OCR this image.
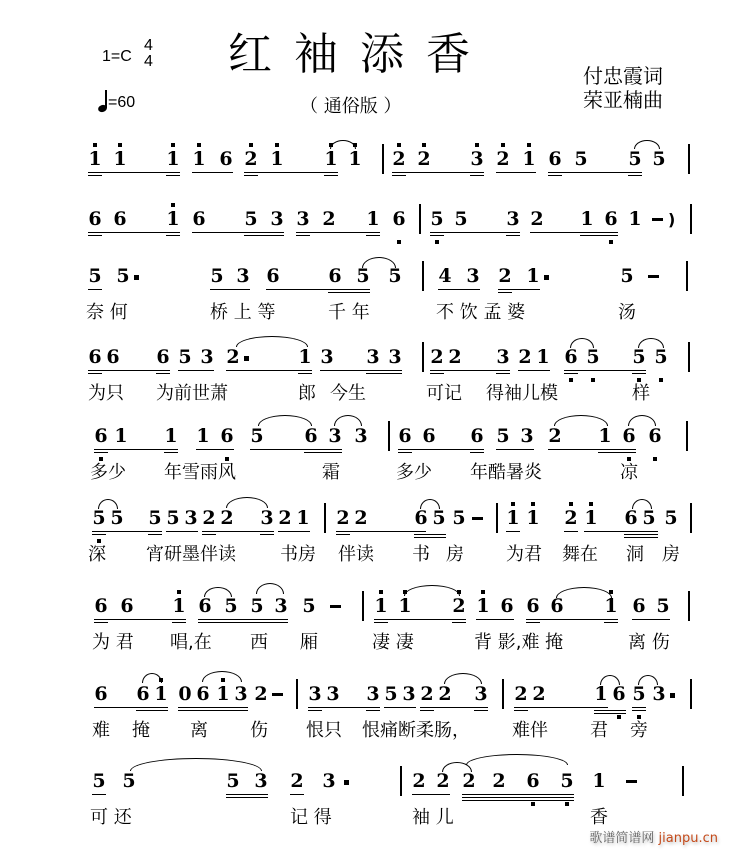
红袖添香
（ 通俗版 ）
1=C
4
4
=60
付忠霞词
荣亚楠曲
1 1 1 1 6 2 1 1 1 2 2 3 2 1 6 5 5 5
6 6 1 6 5 3 3 2 1 6 5 5 3 2 1 6 1 )
5 5	5 3 6	6 5 5 4 3 2 1	5
奈 何	桥 上 等	千 年	不 饮 孟 婆	汤
6 6 6 5 3 2	1 3 3 3 2 2 3 2 1 6 5 5 5
为只 为前世萧	郎 今生	可记 得袖儿模	样
6 1 1 1 6 5 6 3 3 6 6 6 5 3 2 1 6 6
多少 年雪雨风	霜	多少 年酷暑炎	凉
5 5 5 5 3 2 2 3 2 1 2 2 6 5 5 1 1 2 1 6 5 5
深 宵研墨伴读 书房 伴读 书 房 为君 舞在 洞 房
6 6 1 6 5 5 3 5	1 1 2 1 6 6 6 1 6 5
为 君 唱,在 西 厢	凄 凄	背 影,难 掩	离 伤
6 6 1 0 6 1 3 2 3 3 3 5 3 2 2 3 2 2	1 6 5 3
难 掩 离 伤 恨只 恨痛断柔肠， 难伴 君 旁
5 5	5 3 2 3	2 2 2 2 6 5 1
可 还	记 得	袖 儿	香
歌谱简谱网 jianpu.cn
